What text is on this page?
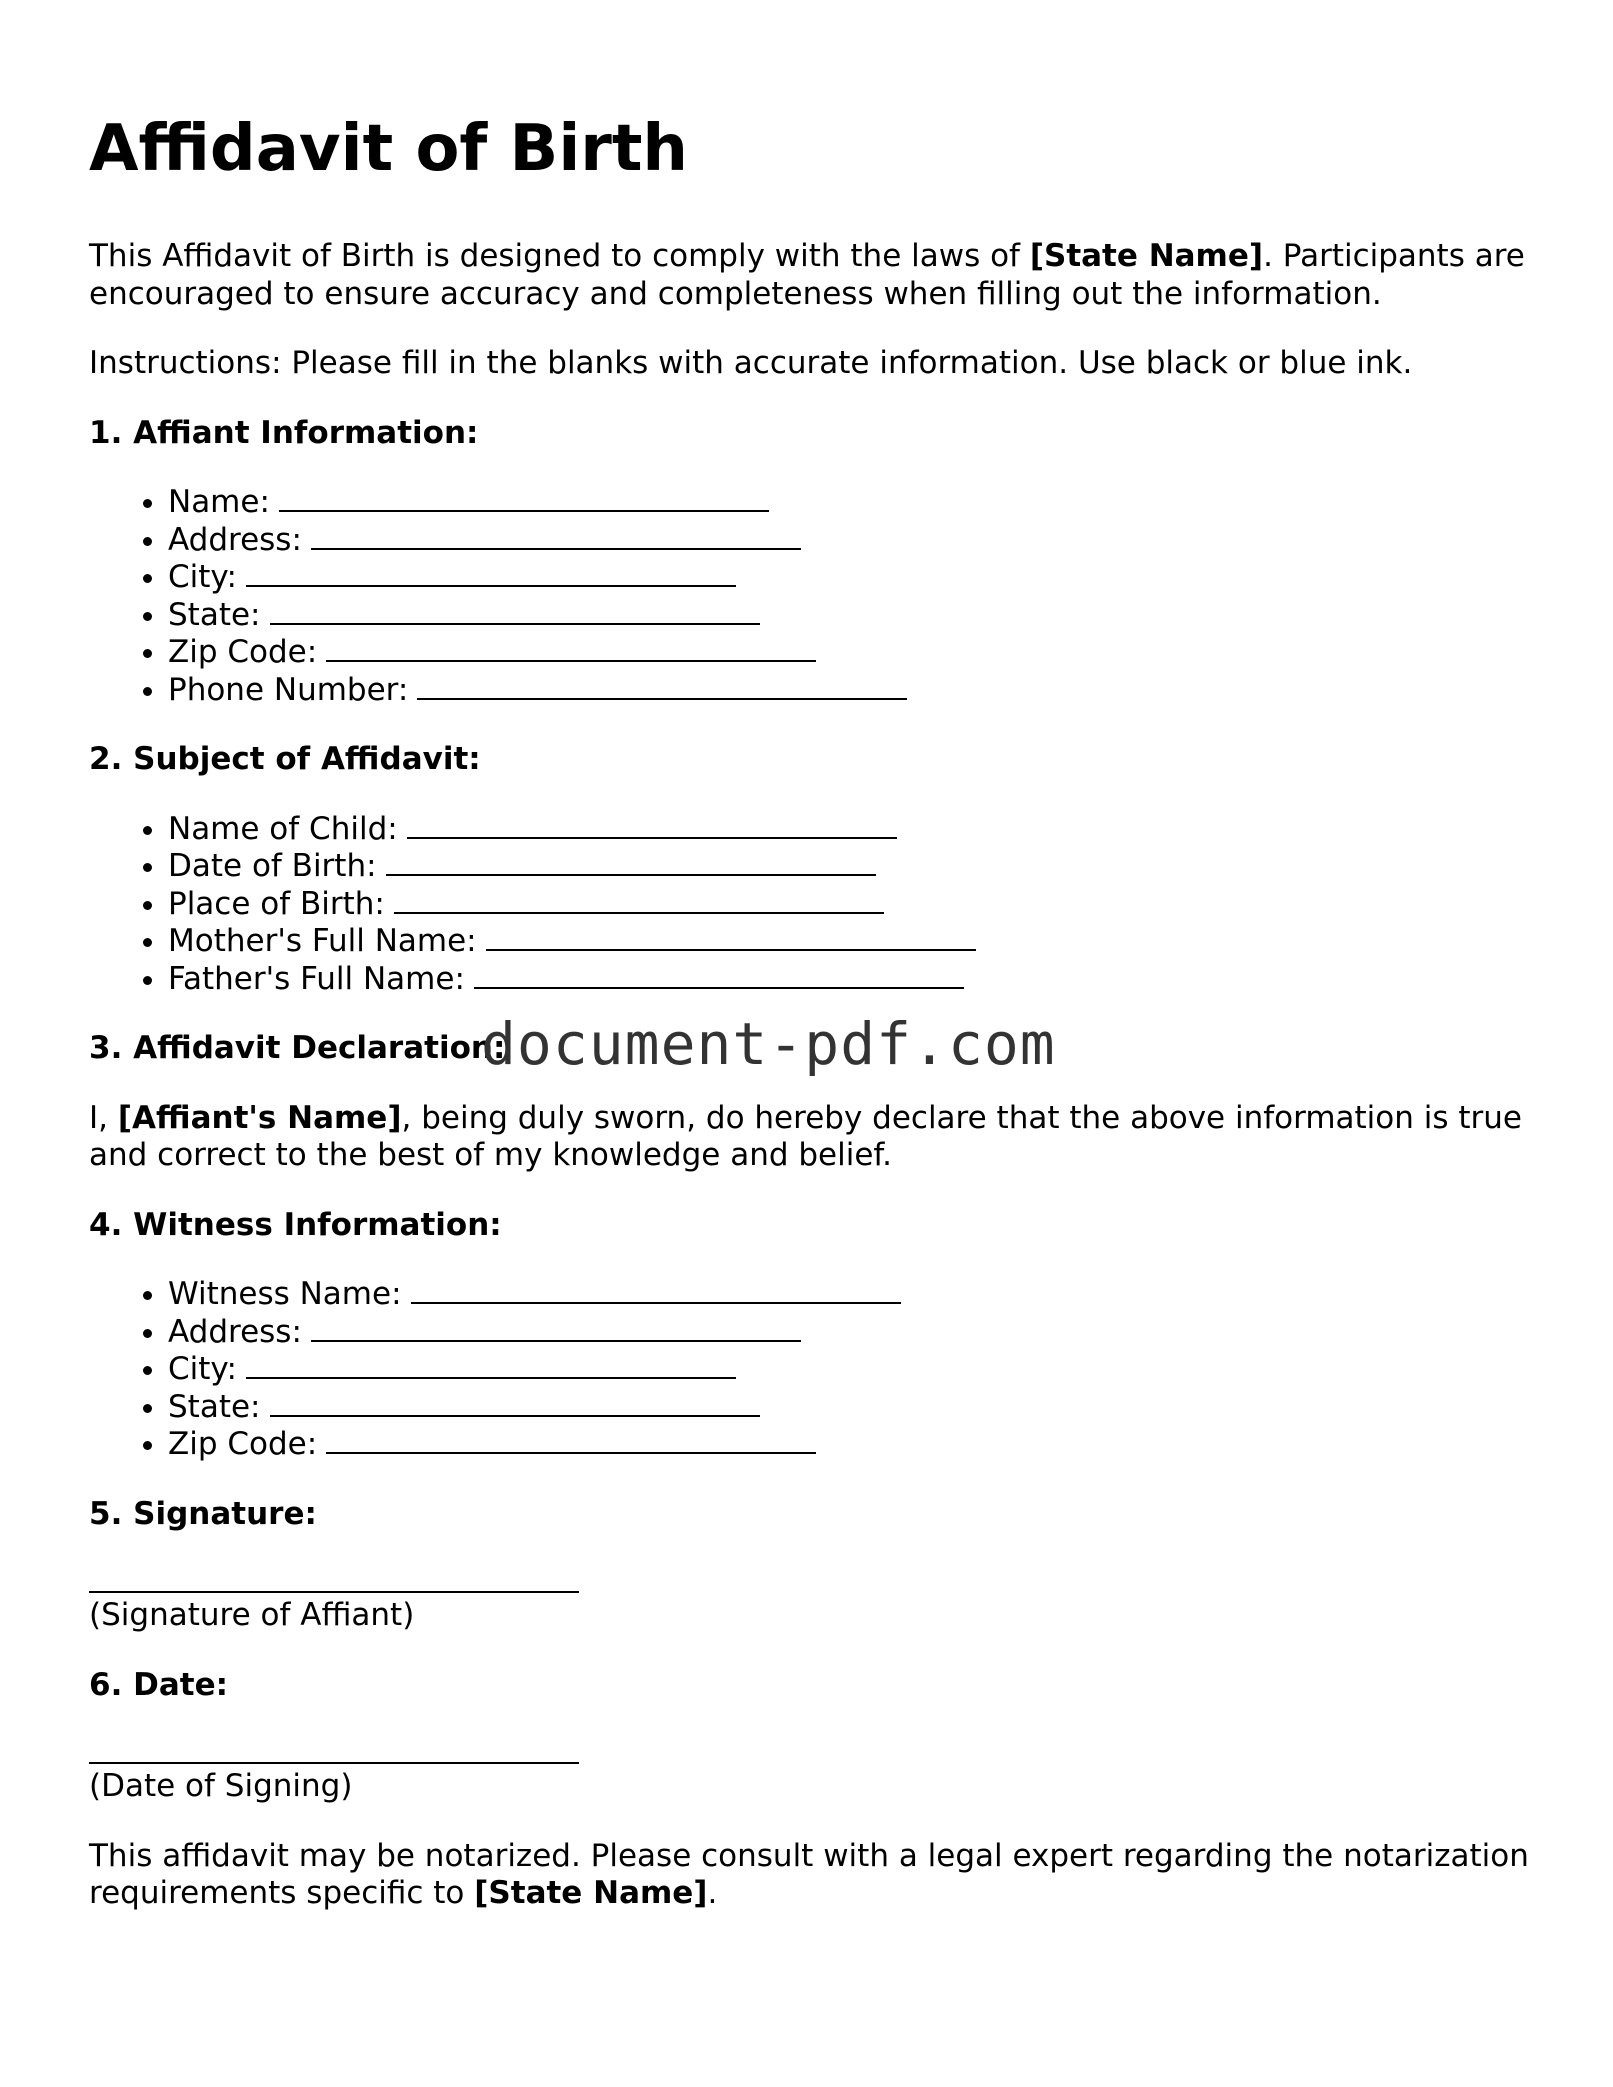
Affidavit of Birth

This Affidavit of Birth is designed to comply with the laws of [State Name]. Participants are encouraged to ensure accuracy and completeness when filling out the information.

Instructions: Please fill in the blanks with accurate information. Use black or blue ink.

1. Affiant Information:
• Name:
• Address:
• City:
• State:
• Zip Code:
• Phone Number:
2. Subject of Affidavit:
• Name of Child:
• Date of Birth:
• Place of Birth:
• Mother's Full Name:
• Father's Full Name:
3. Affidavit Declaration:

I, [Affiant's Name], being duly sworn, do hereby declare that the above information is true and correct to the best of my knowledge and belief.

4. Witness Information:
• Witness Name:
• Address:
• City:
• State:
• Zip Code:
5. Signature:
(Signature of Affiant)
6. Date:
(Date of Signing)

This affidavit may be notarized. Please consult with a legal expert regarding the notarization requirements specific to [State Name].

document-pdf.com
